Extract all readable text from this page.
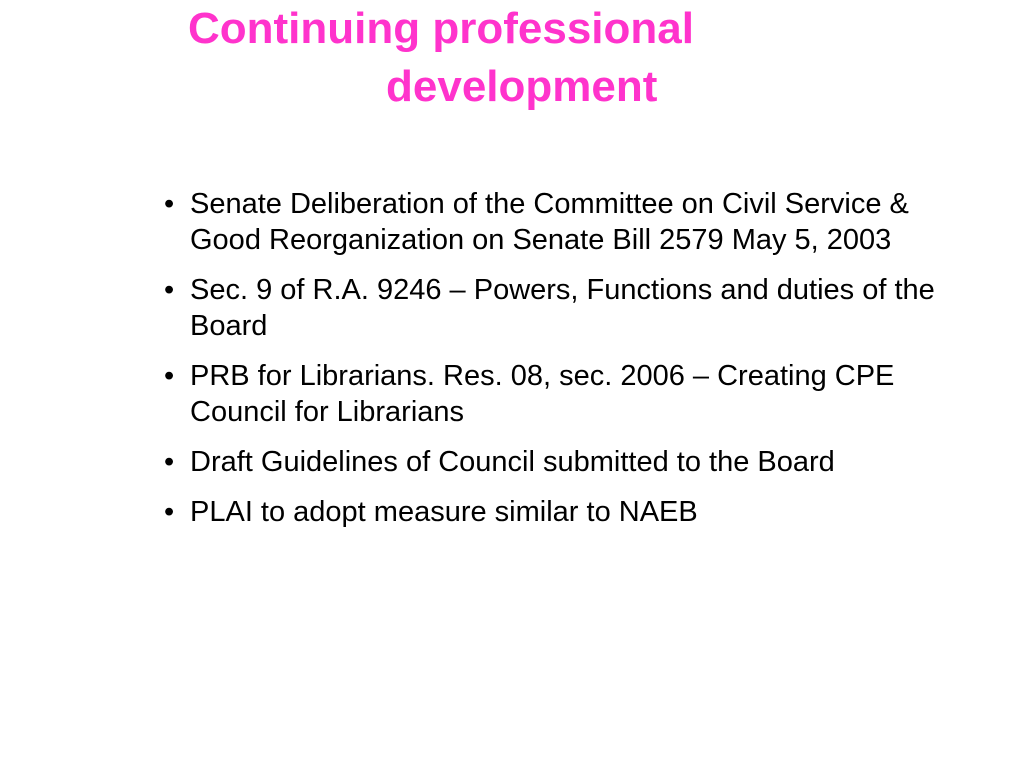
Continuing professional
development
• Senate Deliberation of the Committee on Civil Service & Good Reorganization on Senate Bill 2579 May 5, 2003
• Sec. 9 of R.A. 9246 – Powers, Functions and duties of the Board
• PRB for Librarians. Res. 08, sec. 2006 – Creating CPE Council for Librarians
• Draft Guidelines of Council submitted to the Board
• PLAI to adopt measure similar to NAEB
